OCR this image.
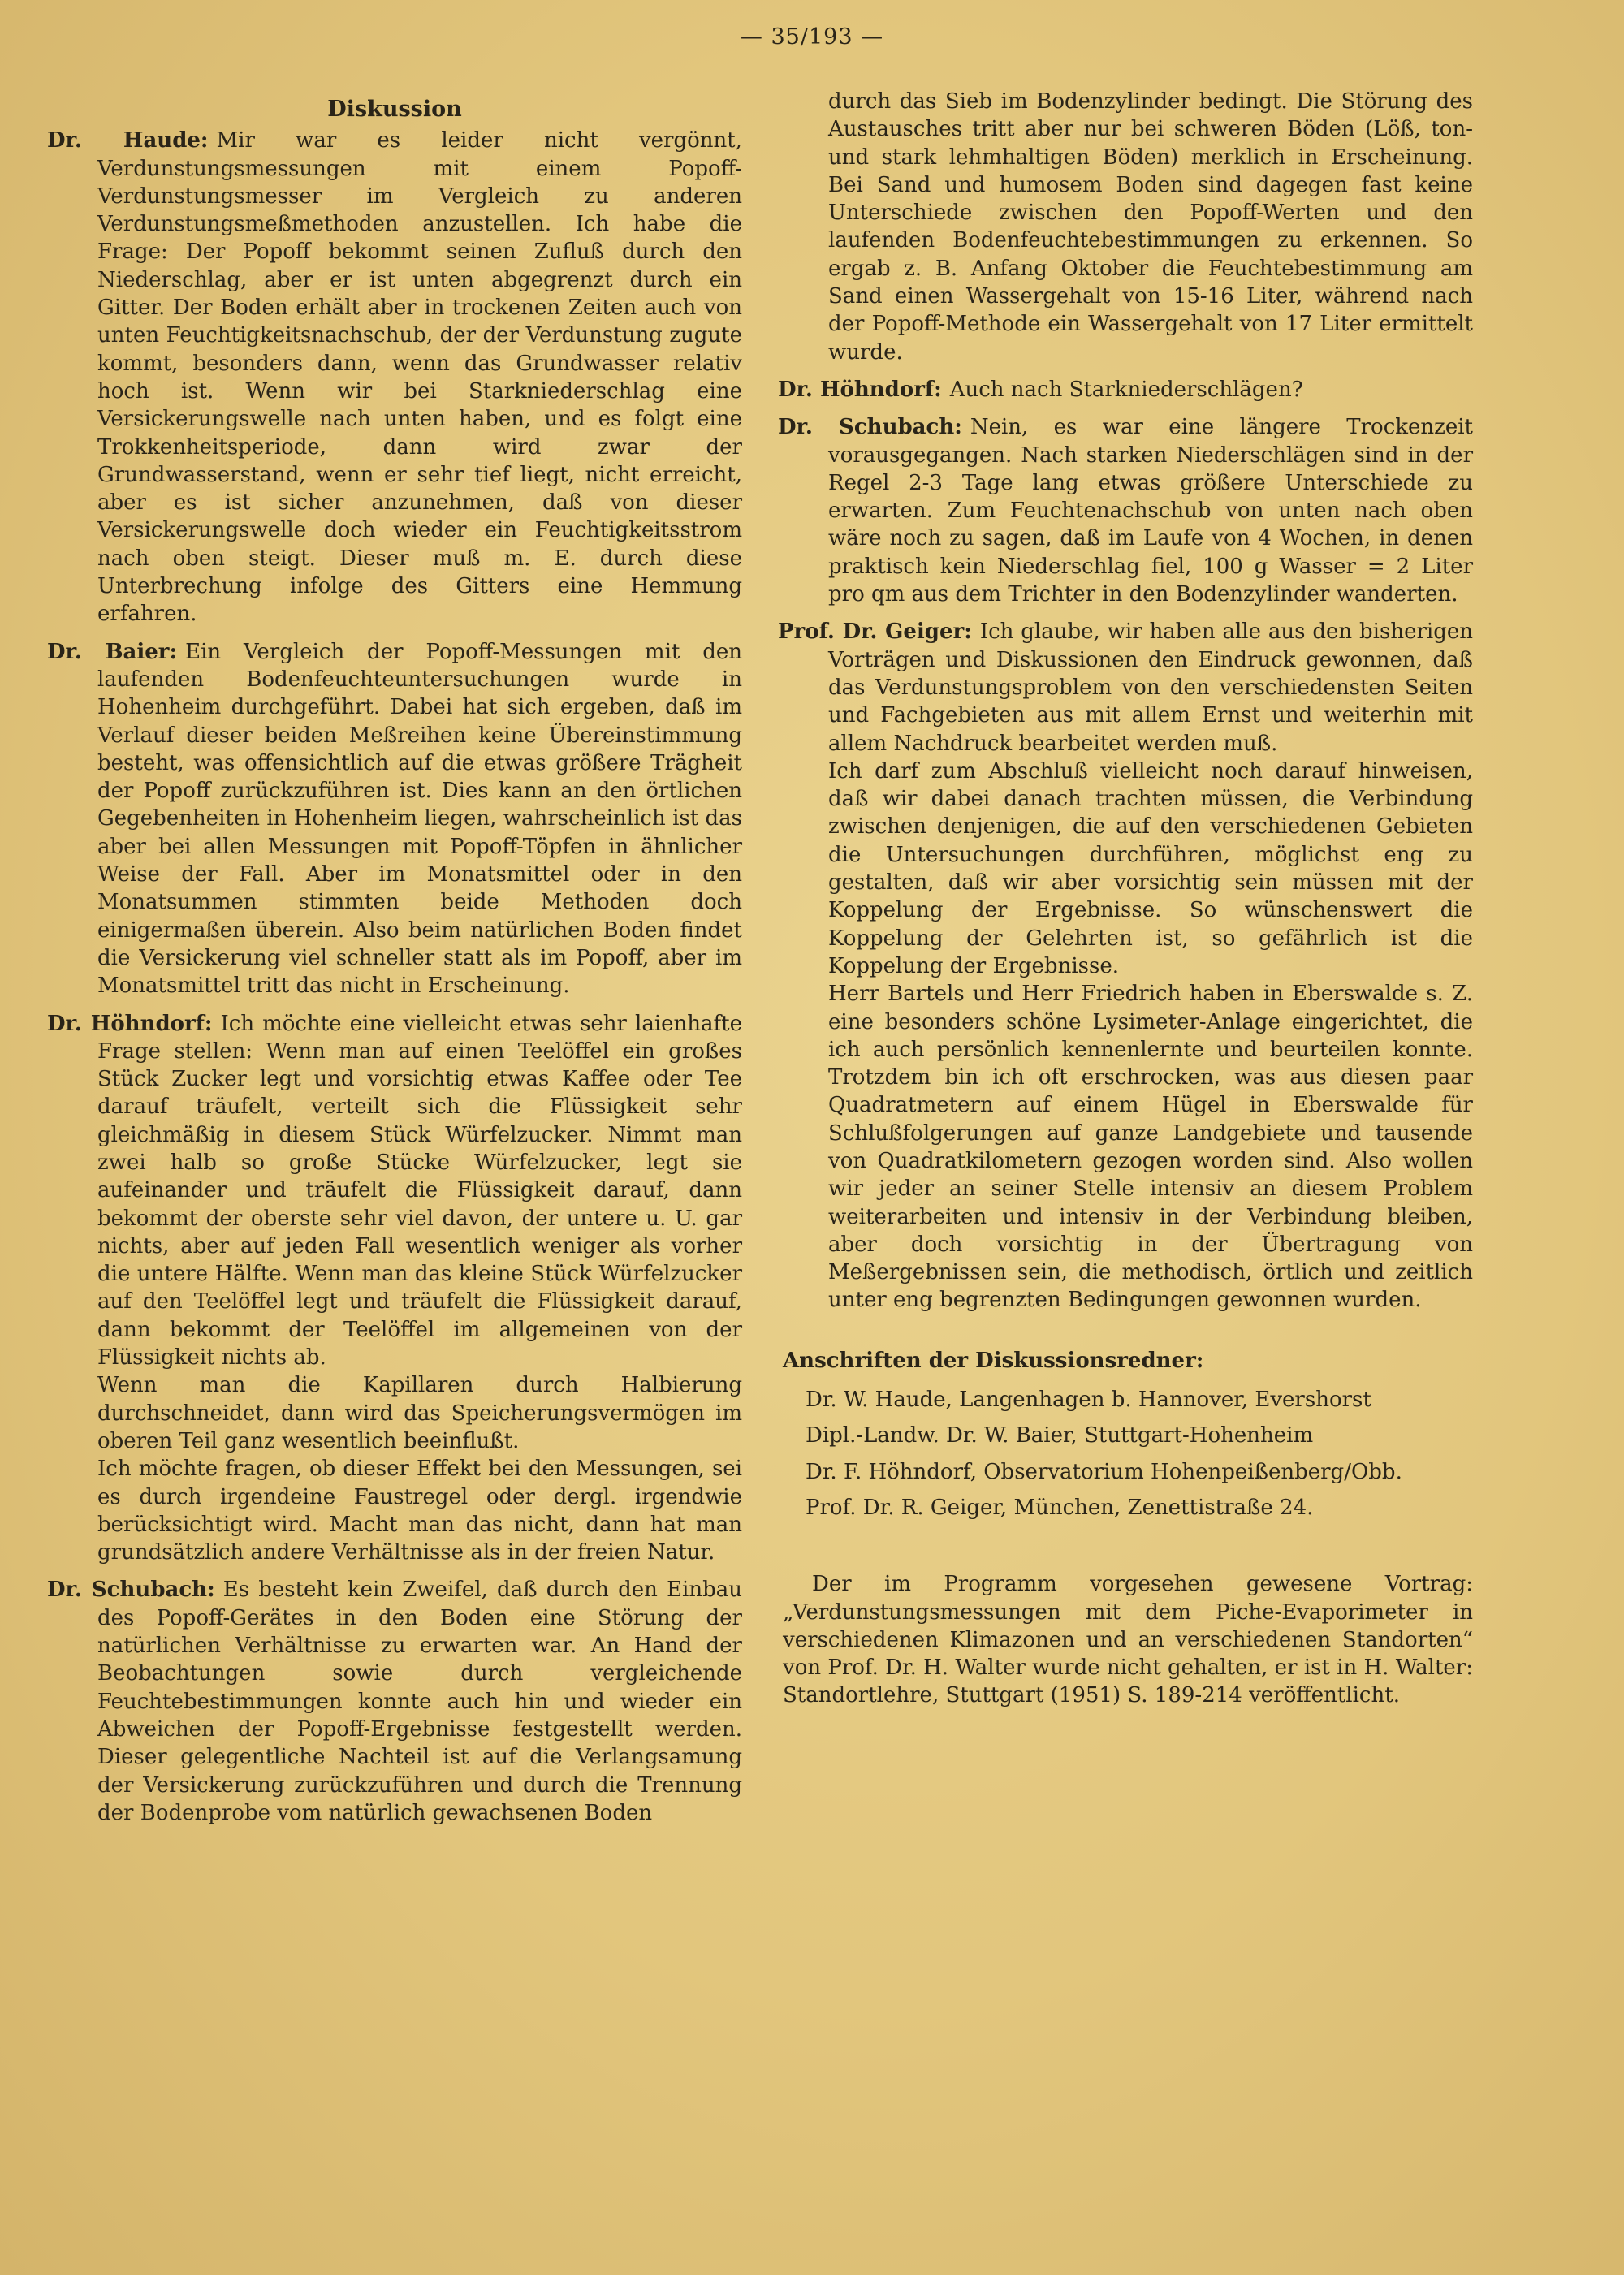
— 35/193 —
Diskussion
Dr. Haude: Mir war es leider nicht vergönnt, Verdunstungsmessungen mit einem Popoff-Verdunstungsmesser im Vergleich zu anderen Verdunstungsmeßmethoden anzustellen. Ich habe die Frage: Der Popoff bekommt seinen Zufluß durch den Niederschlag, aber er ist unten abgegrenzt durch ein Gitter. Der Boden erhält aber in trockenen Zeiten auch von unten Feuchtigkeitsnachschub, der der Verdunstung zugute kommt, besonders dann, wenn das Grundwasser relativ hoch ist. Wenn wir bei Starkniederschlag eine Versickerungswelle nach unten haben, und es folgt eine Trokkenheitsperiode, dann wird zwar der Grundwasserstand, wenn er sehr tief liegt, nicht erreicht, aber es ist sicher anzunehmen, daß von dieser Versickerungswelle doch wieder ein Feuchtigkeitsstrom nach oben steigt. Dieser muß m. E. durch diese Unterbrechung infolge des Gitters eine Hemmung erfahren.

Dr. Baier: Ein Vergleich der Popoff-Messungen mit den laufenden Bodenfeuchteuntersuchungen wurde in Hohenheim durchgeführt. Dabei hat sich ergeben, daß im Verlauf dieser beiden Meßreihen keine Übereinstimmung besteht, was offensichtlich auf die etwas größere Trägheit der Popoff zurückzuführen ist. Dies kann an den örtlichen Gegebenheiten in Hohenheim liegen, wahrscheinlich ist das aber bei allen Messungen mit Popoff-Töpfen in ähnlicher Weise der Fall. Aber im Monatsmittel oder in den Monatsummen stimmten beide Methoden doch einigermaßen überein. Also beim natürlichen Boden findet die Versickerung viel schneller statt als im Popoff, aber im Monatsmittel tritt das nicht in Erscheinung.

Dr. Höhndorf: Ich möchte eine vielleicht etwas sehr laienhafte Frage stellen: Wenn man auf einen Teelöffel ein großes Stück Zucker legt und vorsichtig etwas Kaffee oder Tee darauf träufelt, verteilt sich die Flüssigkeit sehr gleichmäßig in diesem Stück Würfelzucker. Nimmt man zwei halb so große Stücke Würfelzucker, legt sie aufeinander und träufelt die Flüssigkeit darauf, dann bekommt der oberste sehr viel davon, der untere u. U. gar nichts, aber auf jeden Fall wesentlich weniger als vorher die untere Hälfte. Wenn man das kleine Stück Würfelzucker auf den Teelöffel legt und träufelt die Flüssigkeit darauf, dann bekommt der Teelöffel im allgemeinen von der Flüssigkeit nichts ab.

Wenn man die Kapillaren durch Halbierung durchschneidet, dann wird das Speicherungsvermögen im oberen Teil ganz wesentlich beeinflußt.

Ich möchte fragen, ob dieser Effekt bei den Messungen, sei es durch irgendeine Faustregel oder dergl. irgendwie berücksichtigt wird. Macht man das nicht, dann hat man grundsätzlich andere Verhältnisse als in der freien Natur.

Dr. Schubach: Es besteht kein Zweifel, daß durch den Einbau des Popoff-Gerätes in den Boden eine Störung der natürlichen Verhältnisse zu erwarten war. An Hand der Beobachtungen sowie durch vergleichende Feuchtebestimmungen konnte auch hin und wieder ein Abweichen der Popoff-Ergebnisse festgestellt werden. Dieser gelegentliche Nachteil ist auf die Verlangsamung der Versickerung zurückzuführen und durch die Trennung der Bodenprobe vom natürlich gewachsenen Boden

durch das Sieb im Bodenzylinder bedingt. Die Störung des Austausches tritt aber nur bei schweren Böden (Löß, ton- und stark lehmhaltigen Böden) merklich in Erscheinung. Bei Sand und humosem Boden sind dagegen fast keine Unterschiede zwischen den Popoff-Werten und den laufenden Bodenfeuchtebestimmungen zu erkennen. So ergab z. B. Anfang Oktober die Feuchtebestimmung am Sand einen Wassergehalt von 15-16 Liter, während nach der Popoff-Methode ein Wassergehalt von 17 Liter ermittelt wurde.

Dr. Höhndorf: Auch nach Starkniederschlägen?

Dr. Schubach: Nein, es war eine längere Trockenzeit vorausgegangen. Nach starken Niederschlägen sind in der Regel 2-3 Tage lang etwas größere Unterschiede zu erwarten. Zum Feuchtenachschub von unten nach oben wäre noch zu sagen, daß im Laufe von 4 Wochen, in denen praktisch kein Niederschlag fiel, 100 g Wasser = 2 Liter pro qm aus dem Trichter in den Bodenzylinder wanderten.

Prof. Dr. Geiger: Ich glaube, wir haben alle aus den bisherigen Vorträgen und Diskussionen den Eindruck gewonnen, daß das Verdunstungsproblem von den verschiedensten Seiten und Fachgebieten aus mit allem Ernst und weiterhin mit allem Nachdruck bearbeitet werden muß.

Ich darf zum Abschluß vielleicht noch darauf hinweisen, daß wir dabei danach trachten müssen, die Verbindung zwischen denjenigen, die auf den verschiedenen Gebieten die Untersuchungen durchführen, möglichst eng zu gestalten, daß wir aber vorsichtig sein müssen mit der Koppelung der Ergebnisse. So wünschenswert die Koppelung der Gelehrten ist, so gefährlich ist die Koppelung der Ergebnisse.

Herr Bartels und Herr Friedrich haben in Eberswalde s. Z. eine besonders schöne Lysimeter-Anlage eingerichtet, die ich auch persönlich kennenlernte und beurteilen konnte. Trotzdem bin ich oft erschrocken, was aus diesen paar Quadratmetern auf einem Hügel in Eberswalde für Schlußfolgerungen auf ganze Landgebiete und tausende von Quadratkilometern gezogen worden sind. Also wollen wir jeder an seiner Stelle intensiv an diesem Problem weiterarbeiten und intensiv in der Verbindung bleiben, aber doch vorsichtig in der Übertragung von Meßergebnissen sein, die methodisch, örtlich und zeitlich unter eng begrenzten Bedingungen gewonnen wurden.

Anschriften der Diskussionsredner:
Dr. W. Haude, Langenhagen b. Hannover, Evershorst
Dipl.-Landw. Dr. W. Baier, Stuttgart-Hohenheim
Dr. F. Höhndorf, Observatorium Hohenpeißenberg/Obb.
Prof. Dr. R. Geiger, München, Zenettistraße 24.
Der im Programm vorgesehen gewesene Vortrag: „Verdunstungsmessungen mit dem Piche-Evaporimeter in verschiedenen Klimazonen und an verschiedenen Standorten“ von Prof. Dr. H. Walter wurde nicht gehalten, er ist in H. Walter: Standortlehre, Stuttgart (1951) S. 189-214 veröffentlicht.
